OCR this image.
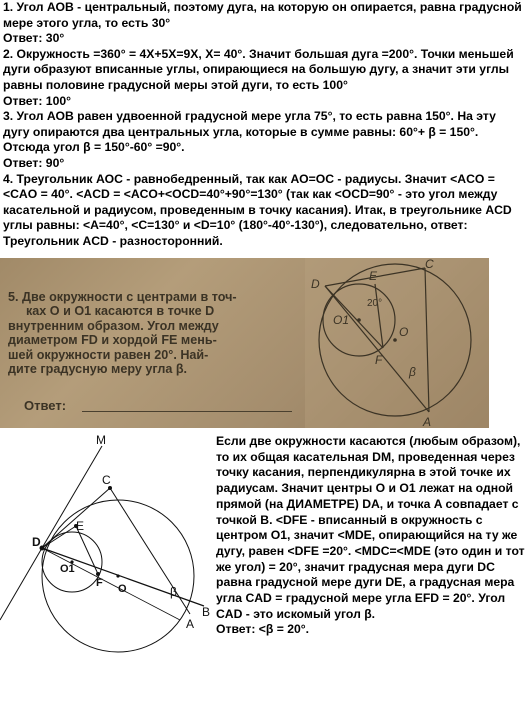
1. Угол АОВ - центральный, поэтому дуга, на которую он опирается, равна градусной мере этого угла, то есть 30°

Ответ: 30°

2. Окружность =360° = 4X+5X=9X, X= 40°. Значит большая дуга =200°. Точки меньшей дуги образуют вписанные углы, опирающиеся на большую дугу, а значит эти углы равны половине градусной меры этой дуги, то есть 100°

Ответ: 100°

3. Угол АОВ равен удвоенной градусной мере угла 75°, то есть равна 150°. На эту дугу опираются два центральных угла, которые в сумме равны: 60°+ β = 150°. Отсюда угол β = 150°-60° =90°.

Ответ: 90°

4. Треугольник АОС - равнобедренный, так как АО=ОС - радиусы. Значит <ACO = <CAO = 40°. <ACD = <ACO+<OCD=40°+90°=130° (так как <OCD=90° - это угол между касательной и радиусом, проведенным в точку касания). Итак, в треугольнике ACD углы равны: <A=40°, <C=130° и <D=10° (180°-40°-130°), следовательно, ответ: Треугольник ACD - разносторонний.

5. Две окружности с центрами в точ-

ках O и O1 касаются в точке D

внутренним образом. Угол между

диаметром FD и хордой FE мень-

шей окружности равен 20°. Най-

дите градусную меру угла β.

Ответ:
D
E
C
20°
O1
O
F
β
A
M
C
E
D
O1
F O	β
A
B

Если две окружности касаются (любым образом), то их общая касательная DM, проведенная через точку касания, перпендикулярна в этой точке их радиусам. Значит центры O и O1 лежат на одной прямой (на ДИАМЕТРЕ) DA, и точка A совпадает с точкой B. <DFE - вписанный в окружность с центром O1, значит <MDE, опирающийся на ту же дугу, равен <DFE =20°. <MDC=<MDE (это один и тот же угол) = 20°, значит градусная мера дуги DC равна градусной мере дуги DE, а градусная мера угла CAD = градусной мере угла EFD = 20°. Угол CAD - это искомый угол β.

Ответ: <β = 20°.
